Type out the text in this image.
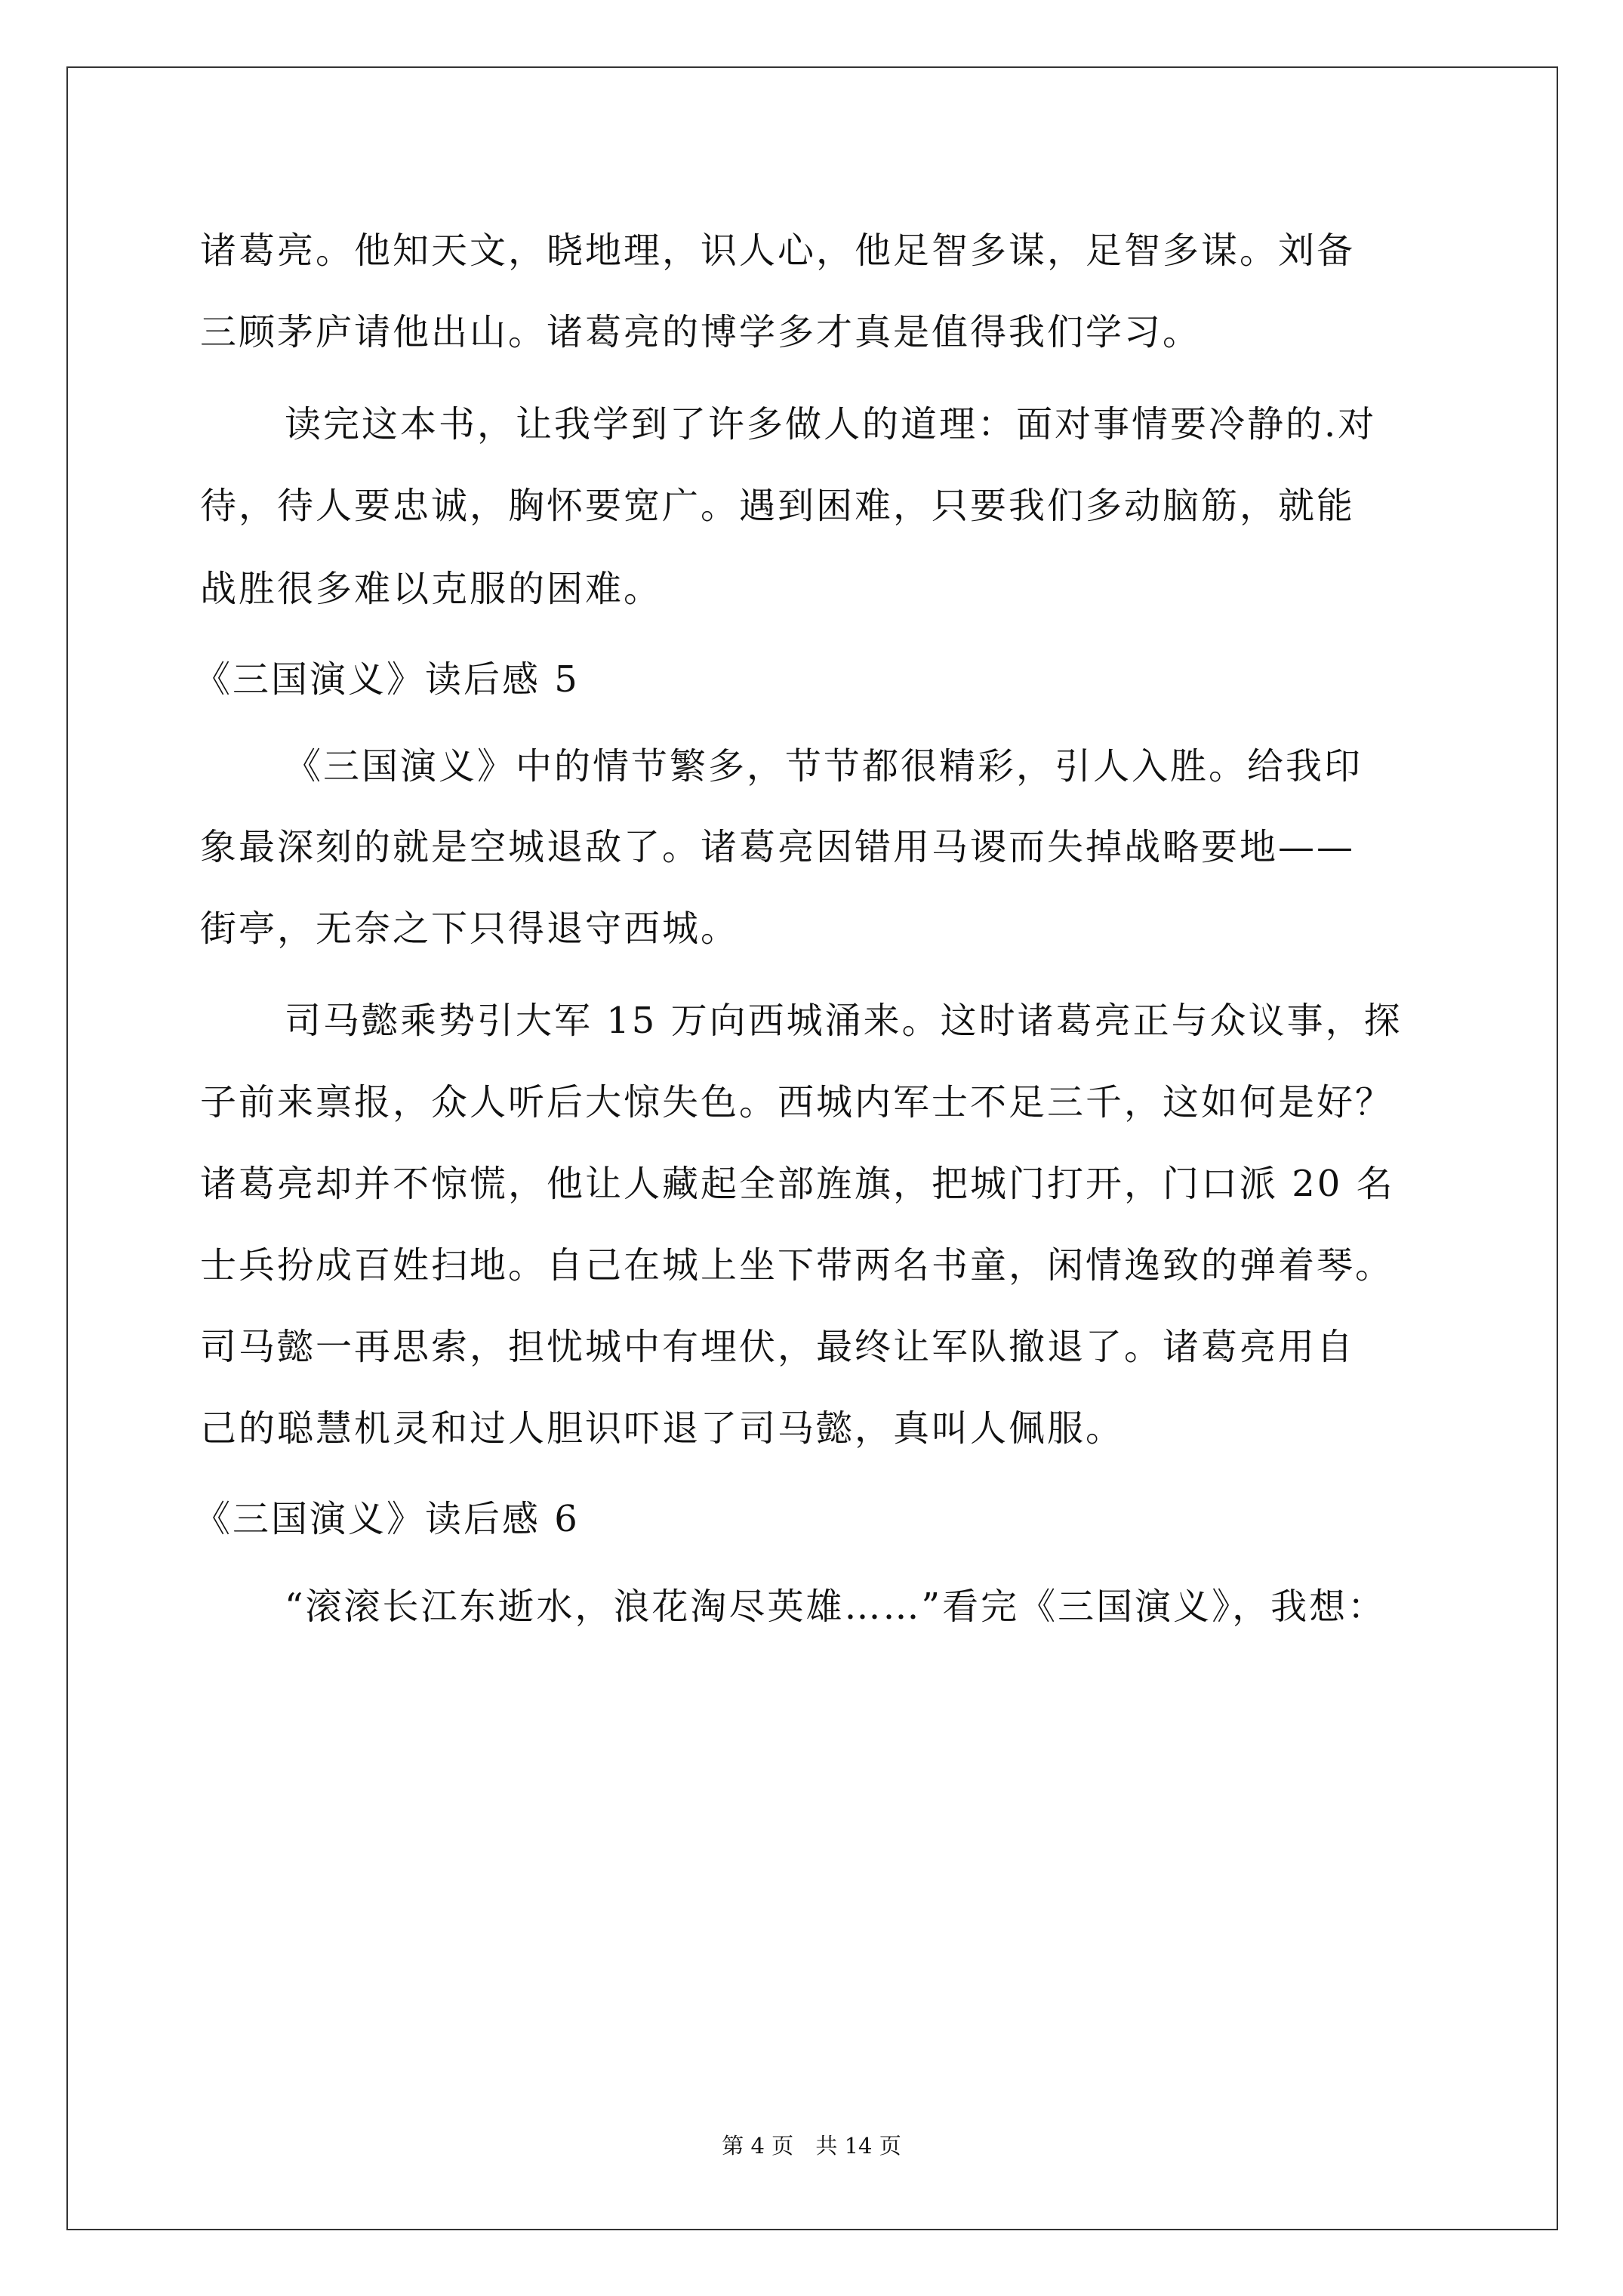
诸葛亮。他知天文，晓地理，识人心，他足智多谋，足智多谋。刘备
三顾茅庐请他出山。诸葛亮的博学多才真是值得我们学习。
读完这本书，让我学到了许多做人的道理：面对事情要冷静的.对
待，待人要忠诚，胸怀要宽广。遇到困难，只要我们多动脑筋，就能
战胜很多难以克服的困难。
《三国演义》读后感 5
《三国演义》中的情节繁多，节节都很精彩，引人入胜。给我印
象最深刻的就是空城退敌了。诸葛亮因错用马谡而失掉战略要地——
街亭，无奈之下只得退守西城。
司马懿乘势引大军 15 万向西城涌来。这时诸葛亮正与众议事，探
子前来禀报，众人听后大惊失色。西城内军士不足三千，这如何是好？
诸葛亮却并不惊慌，他让人藏起全部旌旗，把城门打开，门口派 20 名
士兵扮成百姓扫地。自己在城上坐下带两名书童，闲情逸致的弹着琴。
司马懿一再思索，担忧城中有埋伏，最终让军队撤退了。诸葛亮用自
己的聪慧机灵和过人胆识吓退了司马懿，真叫人佩服。
《三国演义》读后感 6
“滚滚长江东逝水，浪花淘尽英雄……”看完《三国演义》，我想：
第 4 页 共 14 页
